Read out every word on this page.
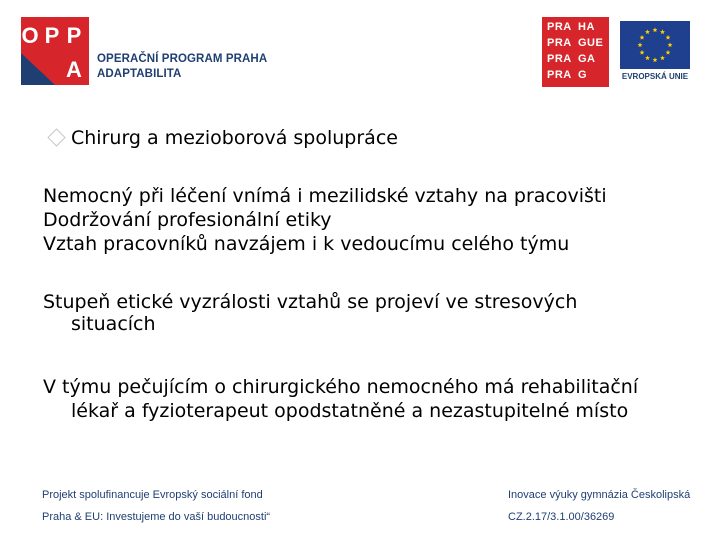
O P P
A OPERAČNÍ PROGRAM PRAHA
ADAPTABILITA
PRA HA
PRA GUE
PRA GA
PRA G	EVROPSKÁ UNIE
Chirurg a mezioborová spolupráce
Nemocný při léčení vnímá i mezilidské vztahy na pracovišti
Dodržování profesionální etiky
Vztah pracovníků navzájem i k vedoucímu celého týmu
Stupeň etické vyzrálosti vztahů se projeví ve stresových
situacích
V týmu pečujícím o chirurgického nemocného má rehabilitační
lékař a fyzioterapeut opodstatněné a nezastupitelné místo
Projekt spolufinancuje Evropský sociální fond
Praha & EU: Investujeme do vaší budoucnosti“
Inovace výuky gymnázia Českolipská
CZ.2.17/3.1.00/36269
